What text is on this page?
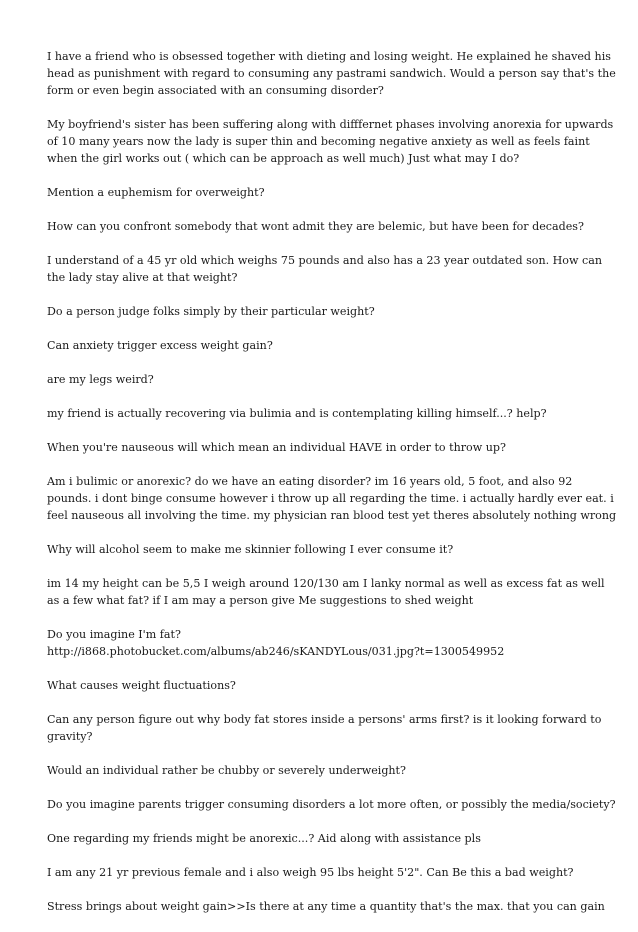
I have a friend who is obsessed together with dieting and losing weight. He explained he shaved his
head as punishment with regard to consuming any pastrami sandwich. Would a person say that's the
form or even begin associated with an consuming disorder?

My boyfriend's sister has been suffering along with difffernet phases involving anorexia for upwards
of 10 many years now the lady is super thin and becoming negative anxiety as well as feels faint
when the girl works out ( which can be approach as well much) Just what may I do?

Mention a euphemism for overweight?

How can you confront somebody that wont admit they are belemic, but have been for decades?

I understand of a 45 yr old which weighs 75 pounds and also has a 23 year outdated son. How can
the lady stay alive at that weight?

Do a person judge folks simply by their particular weight?

Can anxiety trigger excess weight gain?

are my legs weird?

my friend is actually recovering via bulimia and is contemplating killing himself...? help?

When you're nauseous will which mean an individual HAVE in order to throw up?

Am i bulimic or anorexic? do we have an eating disorder? im 16 years old, 5 foot, and also 92
pounds. i dont binge consume however i throw up all regarding the time. i actually hardly ever eat. i
feel nauseous all involving the time. my physician ran blood test yet theres absolutely nothing wrong

Why will alcohol seem to make me skinnier following I ever consume it?

im 14 my height can be 5,5 I weigh around 120/130 am I lanky normal as well as excess fat as well
as a few what fat? if I am may a person give Me suggestions to shed weight

Do you imagine I'm fat?
http://i868.photobucket.com/albums/ab246/sKANDYLous/031.jpg?t=1300549952

What causes weight fluctuations?

Can any person figure out why body fat stores inside a persons' arms first? is it looking forward to
gravity?

Would an individual rather be chubby or severely underweight?

Do you imagine parents trigger consuming disorders a lot more often, or possibly the media/society?

One regarding my friends might be anorexic...? Aid along with assistance pls

I am any 21 yr previous female and i also weigh 95 lbs height 5'2". Can Be this a bad weight?

Stress brings about weight gain>>Is there at any time a quantity that's the max. that you can gain
